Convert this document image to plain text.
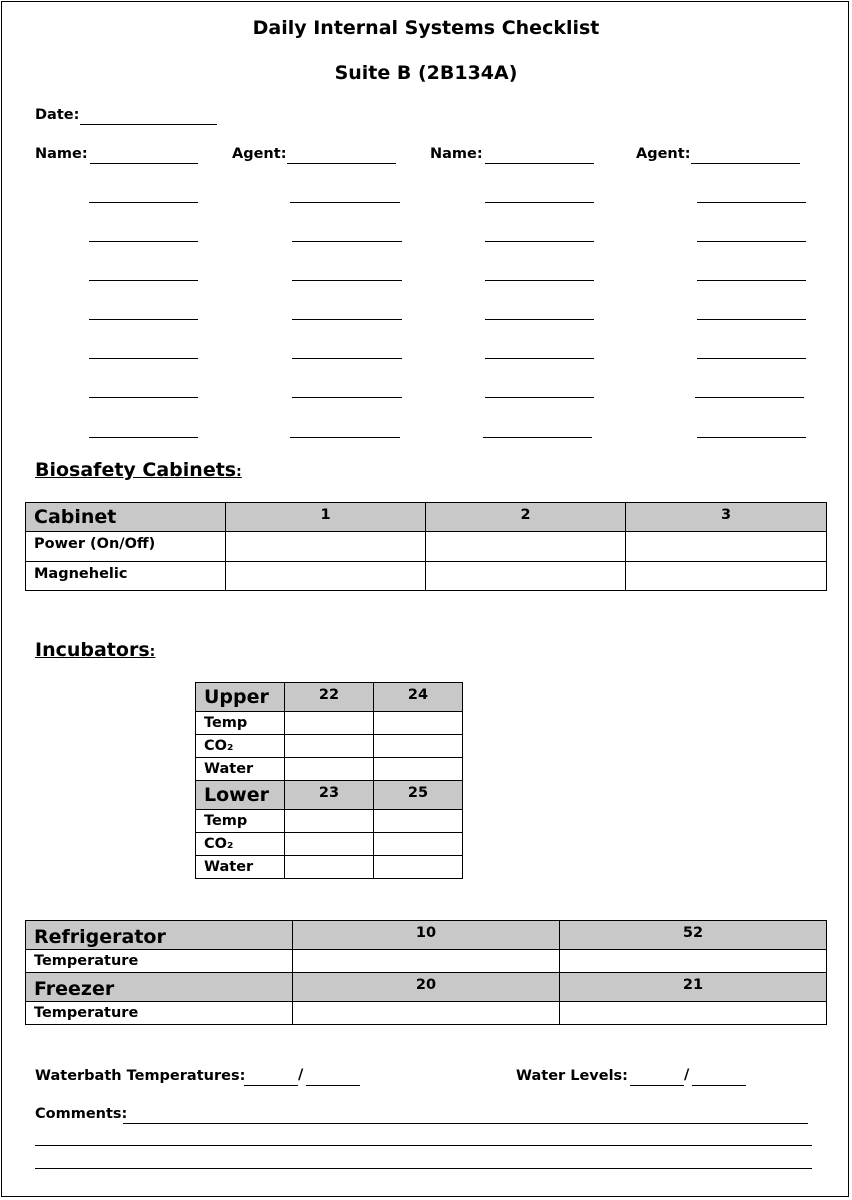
Daily Internal Systems Checklist
Suite B (2B134A)
Date:
Name:	Agent:	Name:	Agent:
Biosafety Cabinets:
Cabinet	1	2	3
Power (On/Off)			
Magnehelic			
Incubators:
Upper	22	24
Temp		
CO₂		
Water		
Lower	23	25
Temp		
CO₂		
Water		
Refrigerator	10	52
Temperature		
Freezer	20	21
Temperature		
Waterbath Temperatures:	/	Water Levels:	/
Comments:
